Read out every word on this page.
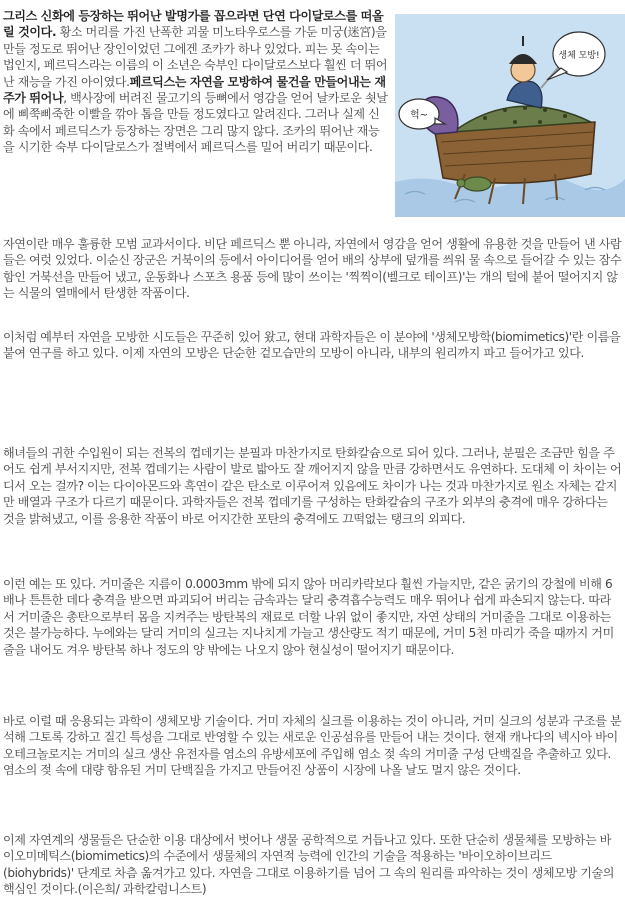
그리스 신화에 등장하는 뛰어난 발명가를 꼽으라면 단연 다이달로스를 떠올릴 것이다. 황소 머리를 가진 난폭한 괴물 미노타우로스를 가둔 미궁(迷宮)을 만들 정도로 뛰어난 장인이었던 그에겐 조카가 하나 있었다. 피는 못 속이는 법인지, 페르딕스라는 이름의 이 소년은 숙부인 다이달로스보다 훨씬 더 뛰어난 재능을 가진 아이였다.페르딕스는 자연을 모방하여 물건을 만들어내는 재주가 뛰어나, 백사장에 버려진 물고기의 등뼈에서 영감을 얻어 날카로운 쇳날에 삐쭉삐죽한 이빨을 깎아 톱을 만들 정도였다고 알려진다. 그러나 실제 신화 속에서 페르딕스가 등장하는 장면은 그리 많지 않다. 조카의 뛰어난 재능을 시기한 숙부 다이달로스가 절벽에서 페르딕스를 밀어 버리기 때문이다.
생체 모방!
헉~

자연이란 매우 훌륭한 모범 교과서이다. 비단 페르딕스 뿐 아니라, 자연에서 영감을 얻어 생활에 유용한 것을 만들어 낸 사람들은 여럿 있었다. 이순신 장군은 거북이의 등에서 아이디어를 얻어 배의 상부에 덮개를 씌워 물 속으로 들어갈 수 있는 잠수함인 거북선을 만들어 냈고, 운동화나 스포츠 용품 등에 많이 쓰이는 '찍찍이(벨크로 테이프)'는 개의 털에 붙어 떨어지지 않는 식물의 열매에서 탄생한 작품이다.

이처럼 예부터 자연을 모방한 시도들은 꾸준히 있어 왔고, 현대 과학자들은 이 분야에 '생체모방학(biomimetics)'란 이름을 붙여 연구를 하고 있다. 이제 자연의 모방은 단순한 겉모습만의 모방이 아니라, 내부의 원리까지 파고 들어가고 있다.

해녀들의 귀한 수입원이 되는 전복의 껍데기는 분필과 마찬가지로 탄화칼슘으로 되어 있다. 그러나, 분필은 조금만 힘을 주어도 쉽게 부서지지만, 전복 껍데기는 사람이 발로 밟아도 잘 깨어지지 않을 만큼 강하면서도 유연하다. 도대체 이 차이는 어디서 오는 걸까? 이는 다이아몬드와 흑연이 같은 탄소로 이루어져 있음에도 차이가 나는 것과 마찬가지로 원소 자체는 같지만 배열과 구조가 다르기 때문이다. 과학자들은 전복 껍데기를 구성하는 탄화칼슘의 구조가 외부의 충격에 매우 강하다는 것을 밝혀냈고, 이를 응용한 작품이 바로 어지간한 포탄의 충격에도 끄떡없는 탱크의 외피다.

이런 예는 또 있다. 거미줄은 지름이 0.0003mm 밖에 되지 않아 머리카락보다 훨씬 가늘지만, 같은 굵기의 강철에 비해 6배나 튼튼한 데다 충격을 받으면 파괴되어 버리는 금속과는 달리 충격흡수능력도 매우 뛰어나 쉽게 파손되지 않는다. 따라서 거미줄은 총탄으로부터 몸을 지켜주는 방탄복의 재료로 더할 나위 없이 좋지만, 자연 상태의 거미줄을 그대로 이용하는 것은 불가능하다. 누에와는 달리 거미의 실크는 지나치게 가늘고 생산량도 적기 때문에, 거미 5천 마리가 죽을 때까지 거미줄을 내어도 겨우 방탄복 하나 정도의 양 밖에는 나오지 않아 현실성이 떨어지기 때문이다.

바로 이럴 때 응용되는 과학이 생체모방 기술이다. 거미 자체의 실크를 이용하는 것이 아니라, 거미 실크의 성분과 구조를 분석해 그토록 강하고 질긴 특성을 그대로 반영할 수 있는 새로운 인공섬유를 만들어 내는 것이다. 현재 캐나다의 넥시아 바이오테크놀로지는 거미의 실크 생산 유전자를 염소의 유방세포에 주입해 염소 젖 속의 거미줄 구성 단백질을 추출하고 있다. 염소의 젖 속에 대량 함유된 거미 단백질을 가지고 만들어진 상품이 시장에 나올 날도 멀지 않은 것이다.

이제 자연계의 생물들은 단순한 이용 대상에서 벗어나 생물 공학적으로 거듭나고 있다. 또한 단순히 생물체를 모방하는 바이오미메틱스(biomimetics)의 수준에서 생물체의 자연적 능력에 인간의 기술을 적용하는 '바이오하이브리드(biohybrids)' 단계로 차츰 옮겨가고 있다. 자연을 그대로 이용하기를 넘어 그 속의 원리를 파악하는 것이 생체모방 기술의 핵심인 것이다.(이은희/ 과학칼럼니스트)
